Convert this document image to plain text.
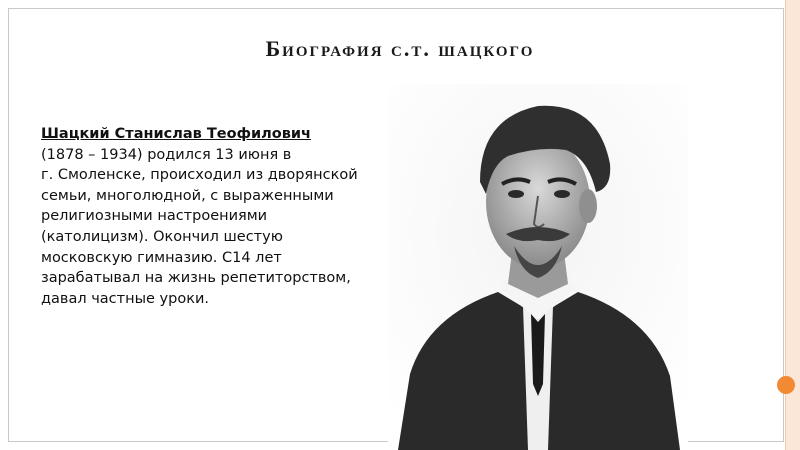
Биография с.т. шацкого
Шацкий Станислав Теофилович
(1878 – 1934) родился 13 июня в
г. Смоленске, происходил из дворянской
семьи, многолюдной, с выраженными
религиозными настроениями
(католицизм). Окончил шестую
московскую гимназию. С14 лет
зарабатывал на жизнь репетиторством,
давал частные уроки.
